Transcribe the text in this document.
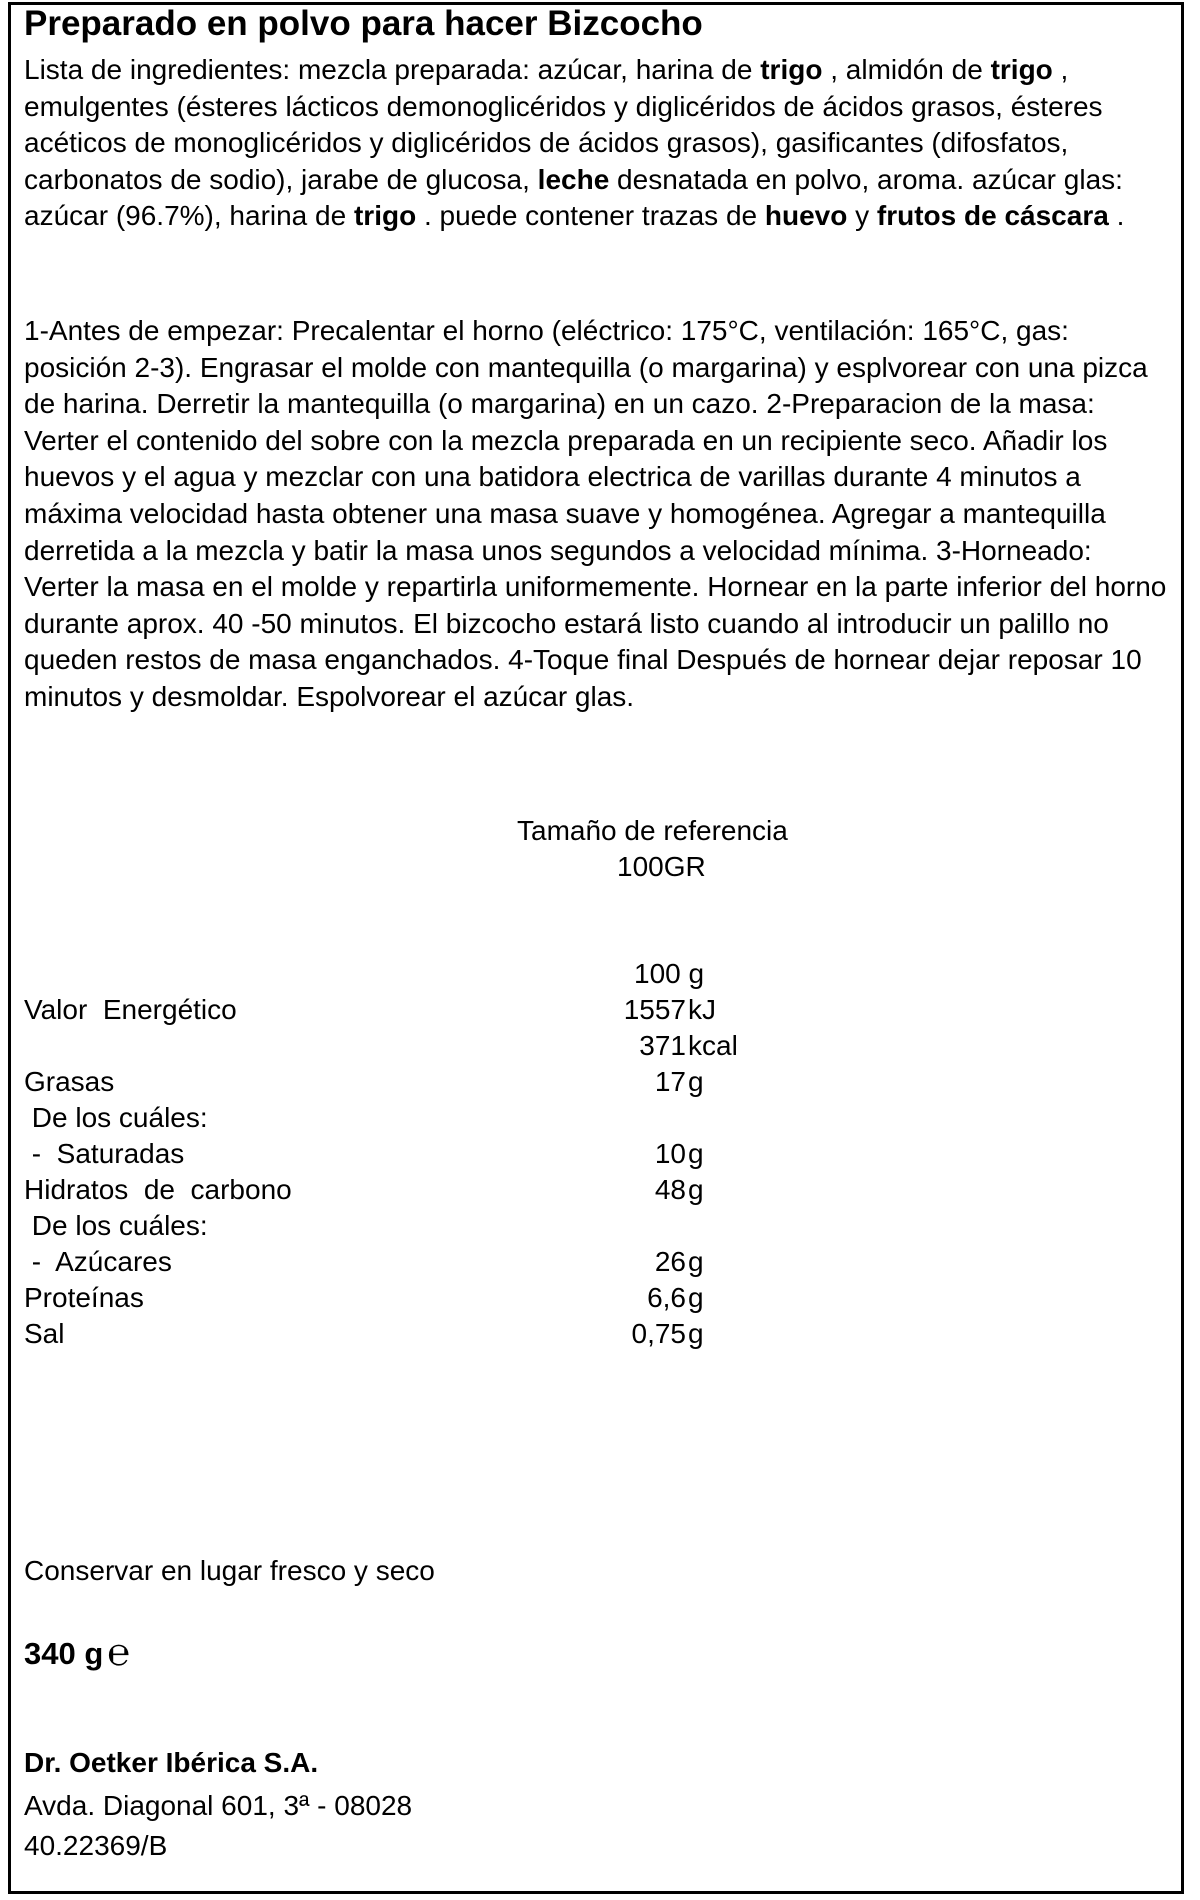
Preparado en polvo para hacer Bizcocho
Lista de ingredientes: mezcla preparada: azúcar, harina de trigo , almidón de trigo , emulgentes (ésteres lácticos demonoglicéridos y diglicéridos de ácidos grasos, ésteres acéticos de monoglicéridos y diglicéridos de ácidos grasos), gasificantes (difosfatos, carbonatos de sodio), jarabe de glucosa, leche desnatada en polvo, aroma. azúcar glas: azúcar (96.7%), harina de trigo . puede contener trazas de huevo y frutos de cáscara .
1-Antes de empezar: Precalentar el horno (eléctrico: 175°C, ventilación: 165°C, gas: posición 2-3). Engrasar el molde con mantequilla (o margarina) y esplvorear con una pizca de harina. Derretir la mantequilla (o margarina) en un cazo. 2-Preparacion de la masa: Verter el contenido del sobre con la mezcla preparada en un recipiente seco. Añadir los huevos y el agua y mezclar con una batidora electrica de varillas durante 4 minutos a máxima velocidad hasta obtener una masa suave y homogénea. Agregar a mantequilla derretida a la mezcla y batir la masa unos segundos a velocidad mínima. 3-Horneado: Verter la masa en el molde y repartirla uniformemente. Hornear en la parte inferior del horno durante aprox. 40 -50 minutos. El bizcocho estará listo cuando al introducir un palillo no queden restos de masa enganchados. 4-Toque final Después de hornear dejar reposar 10 minutos y desmoldar. Espolvorear el azúcar glas.
Tamaño de referencia
100GR
100 g
Valor  Energético	1557 kJ
371 kcal
Grasas	17 g
De los cuáles:
-  Saturadas	10 g
Hidratos  de  carbono	48 g
De los cuáles:
-  Azúcares	26 g
Proteínas	6,6 g
Sal	0,75 g
Conservar en lugar fresco y seco
340 g ℮
Dr. Oetker Ibérica S.A.
Avda. Diagonal 601, 3ª - 08028
40.22369/B
